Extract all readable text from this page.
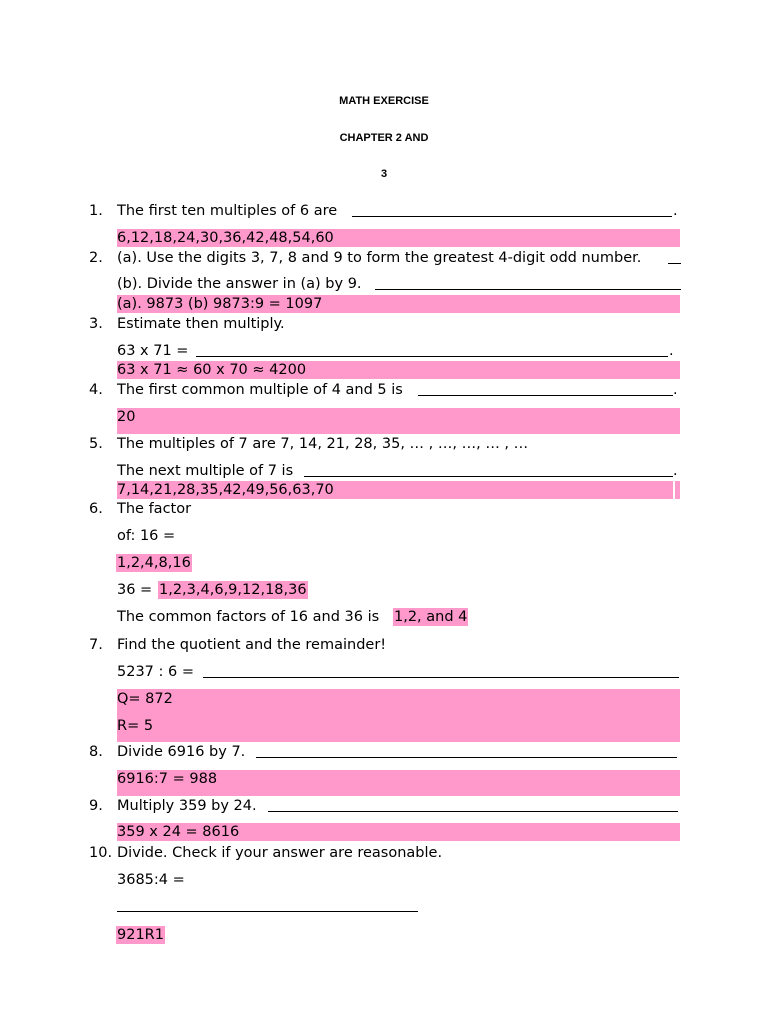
MATH EXERCISE
CHAPTER 2 AND
3
1. The first ten multiples of 6 are	.
6,12,18,24,30,36,42,48,54,60
2. (a). Use the digits 3, 7, 8 and 9 to form the greatest 4-digit odd number.
(b). Divide the answer in (a) by 9.
(a). 9873 (b) 9873:9 = 1097
3. Estimate then multiply.
63 x 71 =	.
63 x 71 ≈ 60 x 70 ≈ 4200
4. The first common multiple of 4 and 5 is	.
20
5. The multiples of 7 are 7, 14, 21, 28, 35, … , …, …, … , …
The next multiple of 7 is	.
7,14,21,28,35,42,49,56,63,70
6. The factor
of: 16 =
1,2,4,8,16
36 = 1,2,3,4,6,9,12,18,36
The common factors of 16 and 36 is 1,2, and 4
7. Find the quotient and the remainder!
5237 : 6 =
Q= 872
R= 5
8. Divide 6916 by 7.
6916:7 = 988
9. Multiply 359 by 24.
359 x 24 = 8616
10. Divide. Check if your answer are reasonable.
3685:4 =
921R1
